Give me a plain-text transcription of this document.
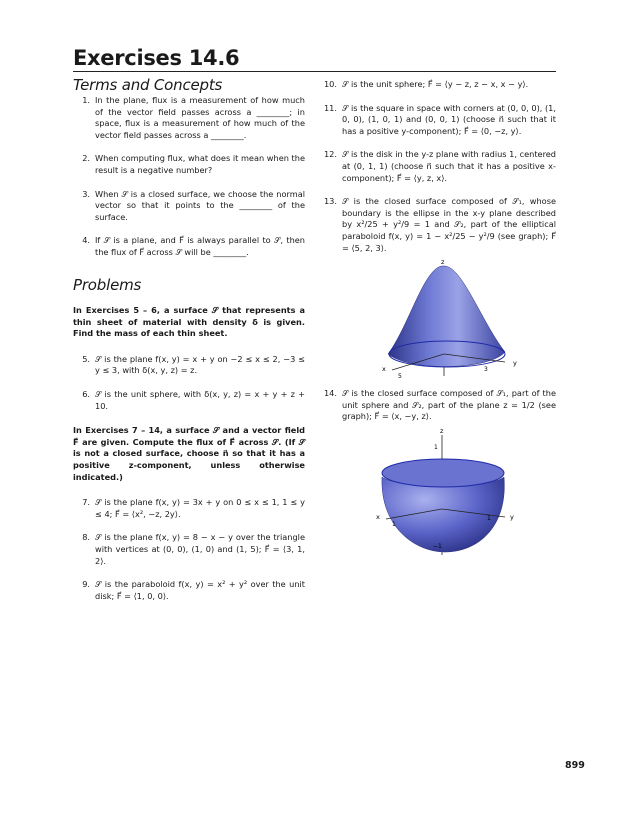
Exercises 14.6
Terms and Concepts
1. In the plane, flux is a measurement of how much of the vector field passes across a ________; in space, flux is a measurement of how much of the vector field passes across a ________.
2. When computing flux, what does it mean when the result is a negative number?
3. When 𝒮 is a closed surface, we choose the normal vector so that it points to the ________ of the surface.
4. If 𝒮 is a plane, and F⃗ is always parallel to 𝒮, then the flux of F⃗ across 𝒮 will be ________.
Problems
In Exercises 5 – 6, a surface 𝒮 that represents a thin sheet of material with density δ is given. Find the mass of each thin sheet.
5. 𝒮 is the plane f(x, y) = x + y on −2 ≤ x ≤ 2, −3 ≤ y ≤ 3, with δ(x, y, z) = z.
6. 𝒮 is the unit sphere, with δ(x, y, z) = x + y + z + 10.
In Exercises 7 – 14, a surface 𝒮 and a vector field F⃗ are given. Compute the flux of F⃗ across 𝒮. (If 𝒮 is not a closed surface, choose n⃗ so that it has a positive z-component, unless otherwise indicated.)
7. 𝒮 is the plane f(x, y) = 3x + y on 0 ≤ x ≤ 1, 1 ≤ y ≤ 4; F⃗ = ⟨x², −z, 2y⟩.
8. 𝒮 is the plane f(x, y) = 8 − x − y over the triangle with vertices at (0, 0), (1, 0) and (1, 5); F⃗ = ⟨3, 1, 2⟩.
9. 𝒮 is the paraboloid f(x, y) = x² + y² over the unit disk; F⃗ = ⟨1, 0, 0⟩.
10. 𝒮 is the unit sphere; F⃗ = ⟨y − z, z − x, x − y⟩.
11. 𝒮 is the square in space with corners at (0, 0, 0), (1, 0, 0), (1, 0, 1) and (0, 0, 1) (choose n⃗ such that it has a positive y-component); F⃗ = ⟨0, −z, y⟩.
12. 𝒮 is the disk in the y-z plane with radius 1, centered at (0, 1, 1) (choose n⃗ such that it has a positive x-component); F⃗ = ⟨y, z, x⟩.
13. 𝒮 is the closed surface composed of 𝒮₁, whose boundary is the ellipse in the x-y plane described by x²/25 + y²/9 = 1 and 𝒮₂, part of the elliptical paraboloid f(x, y) = 1 − x²/25 − y²/9 (see graph); F⃗ = ⟨5, 2, 3⟩.
z
x
5
3
y
14. 𝒮 is the closed surface composed of 𝒮₁, part of the unit sphere and 𝒮₂, part of the plane z = 1/2 (see graph); F⃗ = ⟨x, −y, z⟩.
z
1
x
1
1	y
−1
899
